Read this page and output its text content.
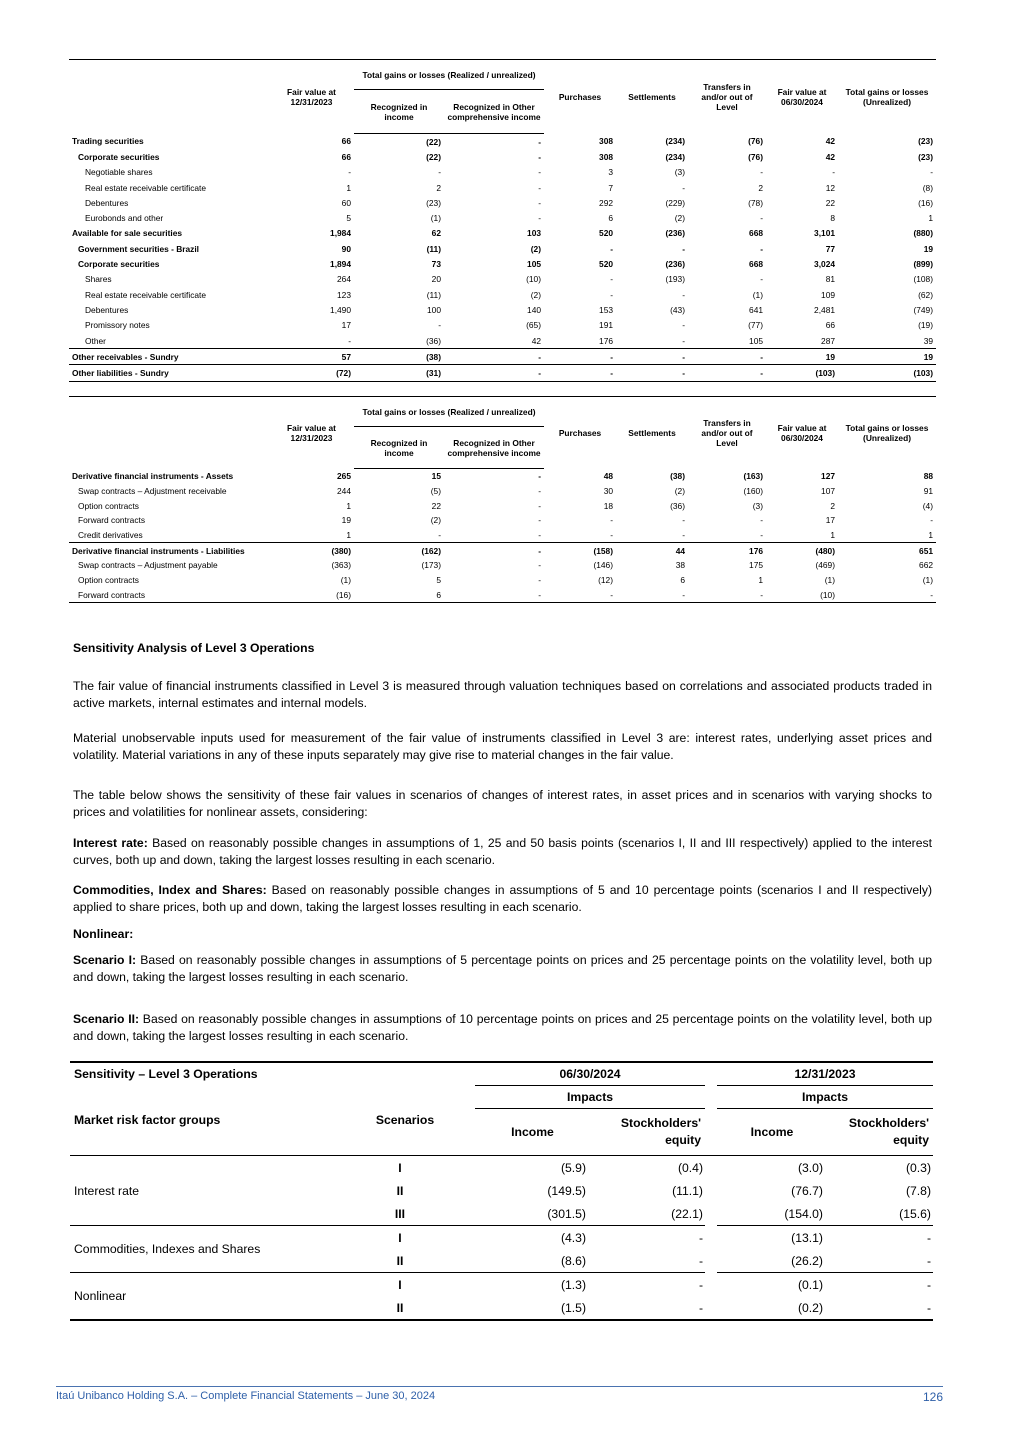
	Fair value at 12/31/2023	Total gains or losses (Realized / unrealized)		Purchases	Settlements	Transfers in and/or out of Level	Fair value at 06/30/2024	Total gains or losses (Unrealized)
		Recognized in income	Recognized in Other comprehensive income					
Trading securities	66	(22)	-	308	(234)	(76)	42	(23)
Corporate securities	66	(22)	-	308	(234)	(76)	42	(23)
Negotiable shares	-	-	-	3	(3)	-	-	-
Real estate receivable certificate	1	2	-	7	-	2	12	(8)
Debentures	60	(23)	-	292	(229)	(78)	22	(16)
Eurobonds and other	5	(1)	-	6	(2)	-	8	1
Available for sale securities	1,984	62	103	520	(236)	668	3,101	(880)
Government securities - Brazil	90	(11)	(2)	-	-	-	77	19
Corporate securities	1,894	73	105	520	(236)	668	3,024	(899)
Shares	264	20	(10)	-	(193)	-	81	(108)
Real estate receivable certificate	123	(11)	(2)	-	-	(1)	109	(62)
Debentures	1,490	100	140	153	(43)	641	2,481	(749)
Promissory notes	17	-	(65)	191	-	(77)	66	(19)
Other	-	(36)	42	176	-	105	287	39
Other receivables - Sundry	57	(38)	-	-	-	-	19	19
Other liabilities - Sundry	(72)	(31)	-	-	-	-	(103)	(103)
	Fair value at 12/31/2023	Total gains or losses (Realized / unrealized)		Purchases	Settlements	Transfers in and/or out of Level	Fair value at 06/30/2024	Total gains or losses (Unrealized)
		Recognized in income	Recognized in Other comprehensive income					
Derivative financial instruments - Assets	265	15	-	48	(38)	(163)	127	88
Swap contracts – Adjustment receivable	244	(5)	-	30	(2)	(160)	107	91
Option contracts	1	22	-	18	(36)	(3)	2	(4)
Forward contracts	19	(2)	-	-	-	-	17	-
Credit derivatives	1	-	-	-	-	-	1	1
Derivative financial instruments - Liabilities	(380)	(162)	-	(158)	44	176	(480)	651
Swap contracts – Adjustment payable	(363)	(173)	-	(146)	38	175	(469)	662
Option contracts	(1)	5	-	(12)	6	1	(1)	(1)
Forward contracts	(16)	6	-	-	-	-	(10)	-
Sensitivity Analysis of Level 3 Operations
The fair value of financial instruments classified in Level 3 is measured through valuation techniques based on correlations and associated products traded in active markets, internal estimates and internal models.
Material unobservable inputs used for measurement of the fair value of instruments classified in Level 3 are: interest rates, underlying asset prices and volatility. Material variations in any of these inputs separately may give rise to material changes in the fair value.
The table below shows the sensitivity of these fair values in scenarios of changes of interest rates, in asset prices and in scenarios with varying shocks to prices and volatilities for nonlinear assets, considering:
Interest rate: Based on reasonably possible changes in assumptions of 1, 25 and 50 basis points (scenarios I, II and III respectively) applied to the interest curves, both up and down, taking the largest losses resulting in each scenario.
Commodities, Index and Shares: Based on reasonably possible changes in assumptions of 5 and 10 percentage points (scenarios I and II respectively) applied to share prices, both up and down, taking the largest losses resulting in each scenario.
Nonlinear:
Scenario I: Based on reasonably possible changes in assumptions of 5 percentage points on prices and 25 percentage points on the volatility level, both up and down, taking the largest losses resulting in each scenario.
Scenario II: Based on reasonably possible changes in assumptions of 10 percentage points on prices and 25 percentage points on the volatility level, both up and down, taking the largest losses resulting in each scenario.
Sensitivity – Level 3 Operations		06/30/2024			12/31/2023	
Market risk factor groups	Scenarios	Impacts			Impacts	
		Income	Stockholders' equity		Income	Stockholders' equity
Interest rate	I	(5.9)	(0.4)		(3.0)	(0.3)
	II	(149.5)	(11.1)		(76.7)	(7.8)
	III	(301.5)	(22.1)		(154.0)	(15.6)
Commodities, Indexes and Shares	I	(4.3)	-		(13.1)	-
	II	(8.6)	-		(26.2)	-
Nonlinear	I	(1.3)	-		(0.1)	-
	II	(1.5)	-		(0.2)	-
Itaú Unibanco Holding S.A. – Complete Financial Statements – June 30, 2024	126
